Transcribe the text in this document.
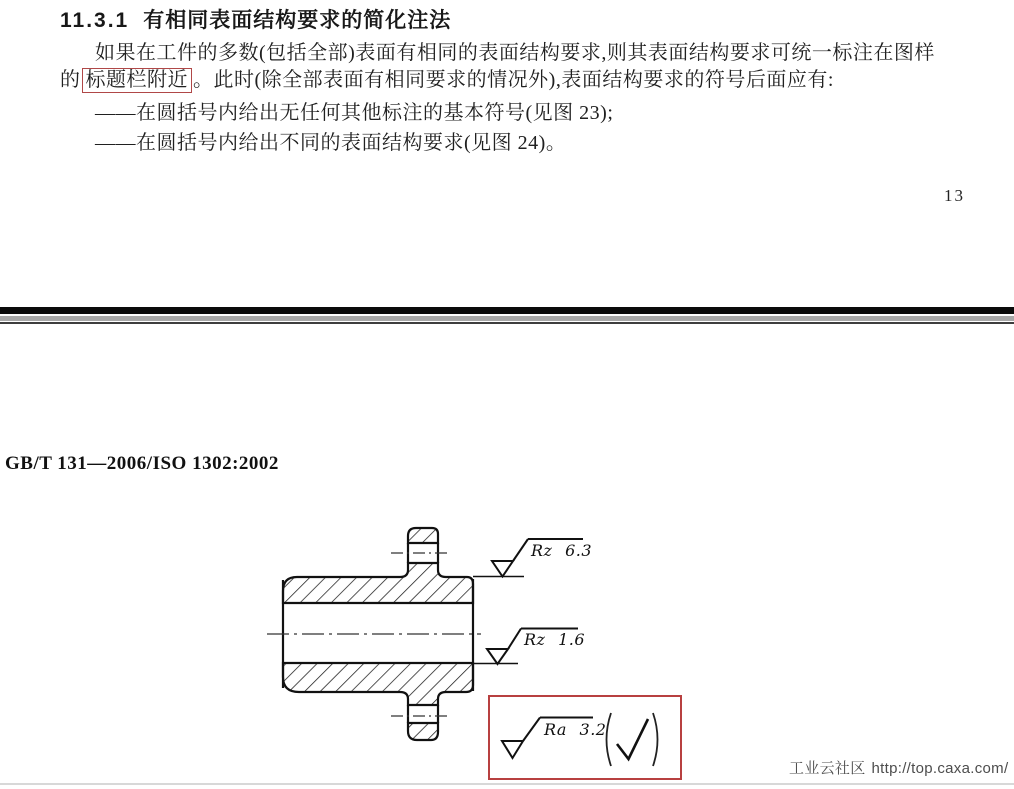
11.3.1 有相同表面结构要求的简化注法
如果在工件的多数(包括全部)表面有相同的表面结构要求,则其表面结构要求可统一标注在图样
的 标题栏附近 。此时(除全部表面有相同要求的情况外),表面结构要求的符号后面应有:
——在圆括号内给出无任何其他标注的基本符号(见图 23);
——在圆括号内给出不同的表面结构要求(见图 24)。
13
GB/T 131—2006/ISO 1302:2002
Rz 6.3
Rz 1.6
Ra 3.2
工业云社区 http://top.caxa.com/
